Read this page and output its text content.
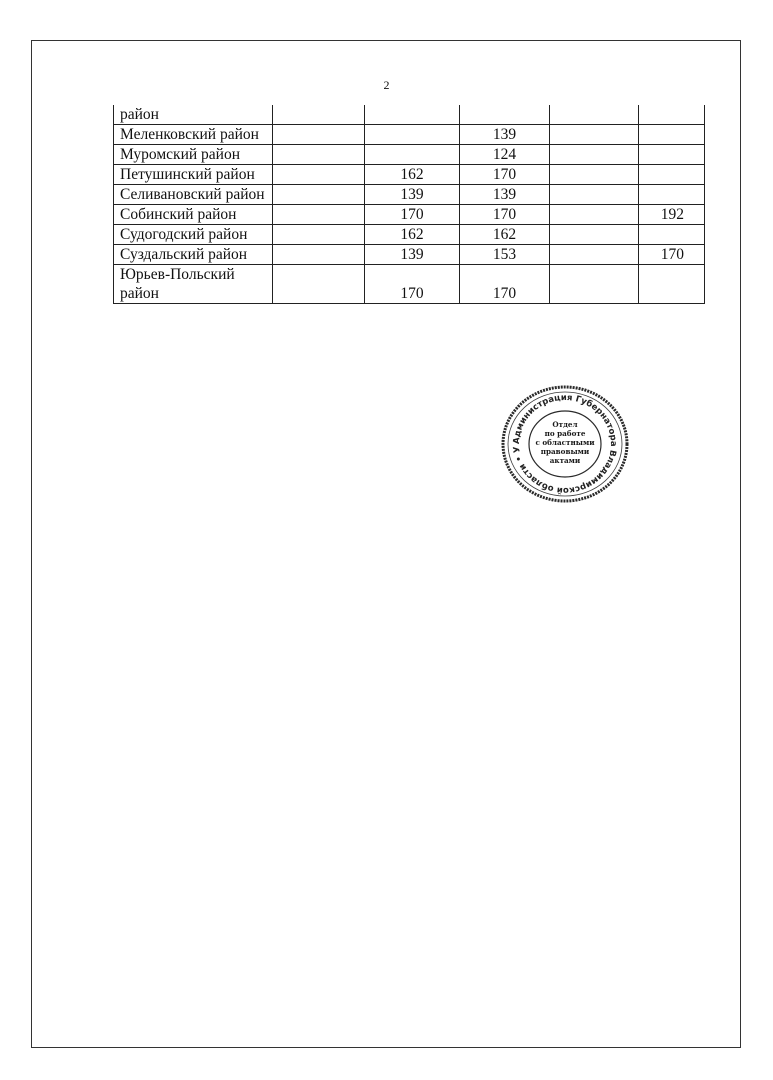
2
район					
Меленковский район			139		
Муромский район			124		
Петушинский район		162	170		
Селивановский район		139	139		
Собинский район		170	170		192
Судогодский район		162	162		
Суздальский район		139	153		170
Юрьев-Польский район		170	170		
Администрация Губернатора Владимирской области • У
Отдел
по работе
с областными
правовыми
актами
